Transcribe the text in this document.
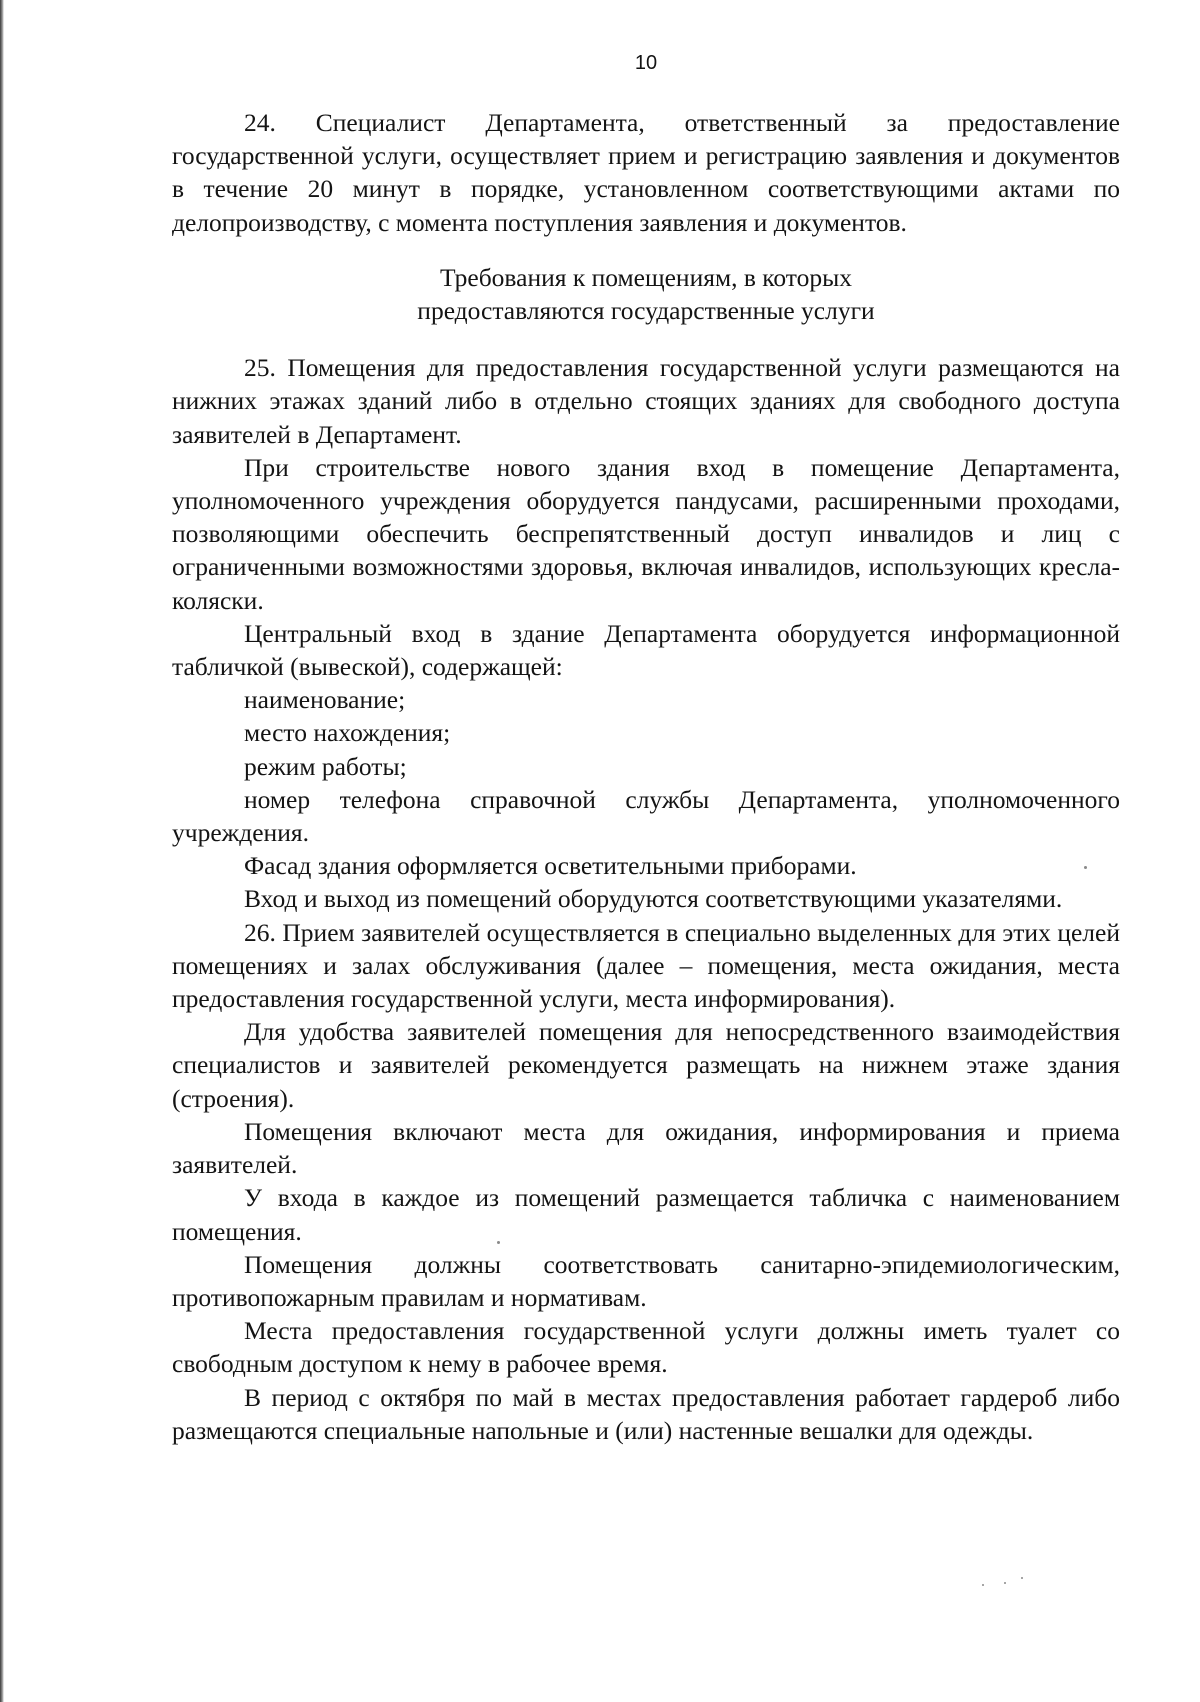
10

24. Специалист Департамента, ответственный за предоставление государственной услуги, осуществляет прием и регистрацию заявления и документов в течение 20 минут в порядке, установленном соответствующими актами по делопроизводству, с момента поступления заявления и документов.

Требования к помещениям, в которых
предоставляются государственные услуги

25. Помещения для предоставления государственной услуги размещаются на нижних этажах зданий либо в отдельно стоящих зданиях для свободного доступа заявителей в Департамент.

При строительстве нового здания вход в помещение Департамента, уполномоченного учреждения оборудуется пандусами, расширенными проходами, позволяющими обеспечить беспрепятственный доступ инвалидов и лиц с ограниченными возможностями здоровья, включая инвалидов, использующих кресла-коляски.

Центральный вход в здание Департамента оборудуется информационной табличкой (вывеской), содержащей:

наименование;

место нахождения;

режим работы;

номер телефона справочной службы Департамента, уполномоченного учреждения.

Фасад здания оформляется осветительными приборами.

Вход и выход из помещений оборудуются соответствующими указателями.

26. Прием заявителей осуществляется в специально выделенных для этих целей помещениях и залах обслуживания (далее – помещения, места ожидания, места предоставления государственной услуги, места информирования).

Для удобства заявителей помещения для непосредственного взаимодействия специалистов и заявителей рекомендуется размещать на нижнем этаже здания (строения).

Помещения включают места для ожидания, информирования и приема заявителей.

У входа в каждое из помещений размещается табличка с наименованием помещения.

Помещения должны соответствовать санитарно-эпидемиологическим, противопожарным правилам и нормативам.

Места предоставления государственной услуги должны иметь туалет со свободным доступом к нему в рабочее время.

В период с октября по май в местах предоставления работает гардероб либо размещаются специальные напольные и (или) настенные вешалки для одежды.
